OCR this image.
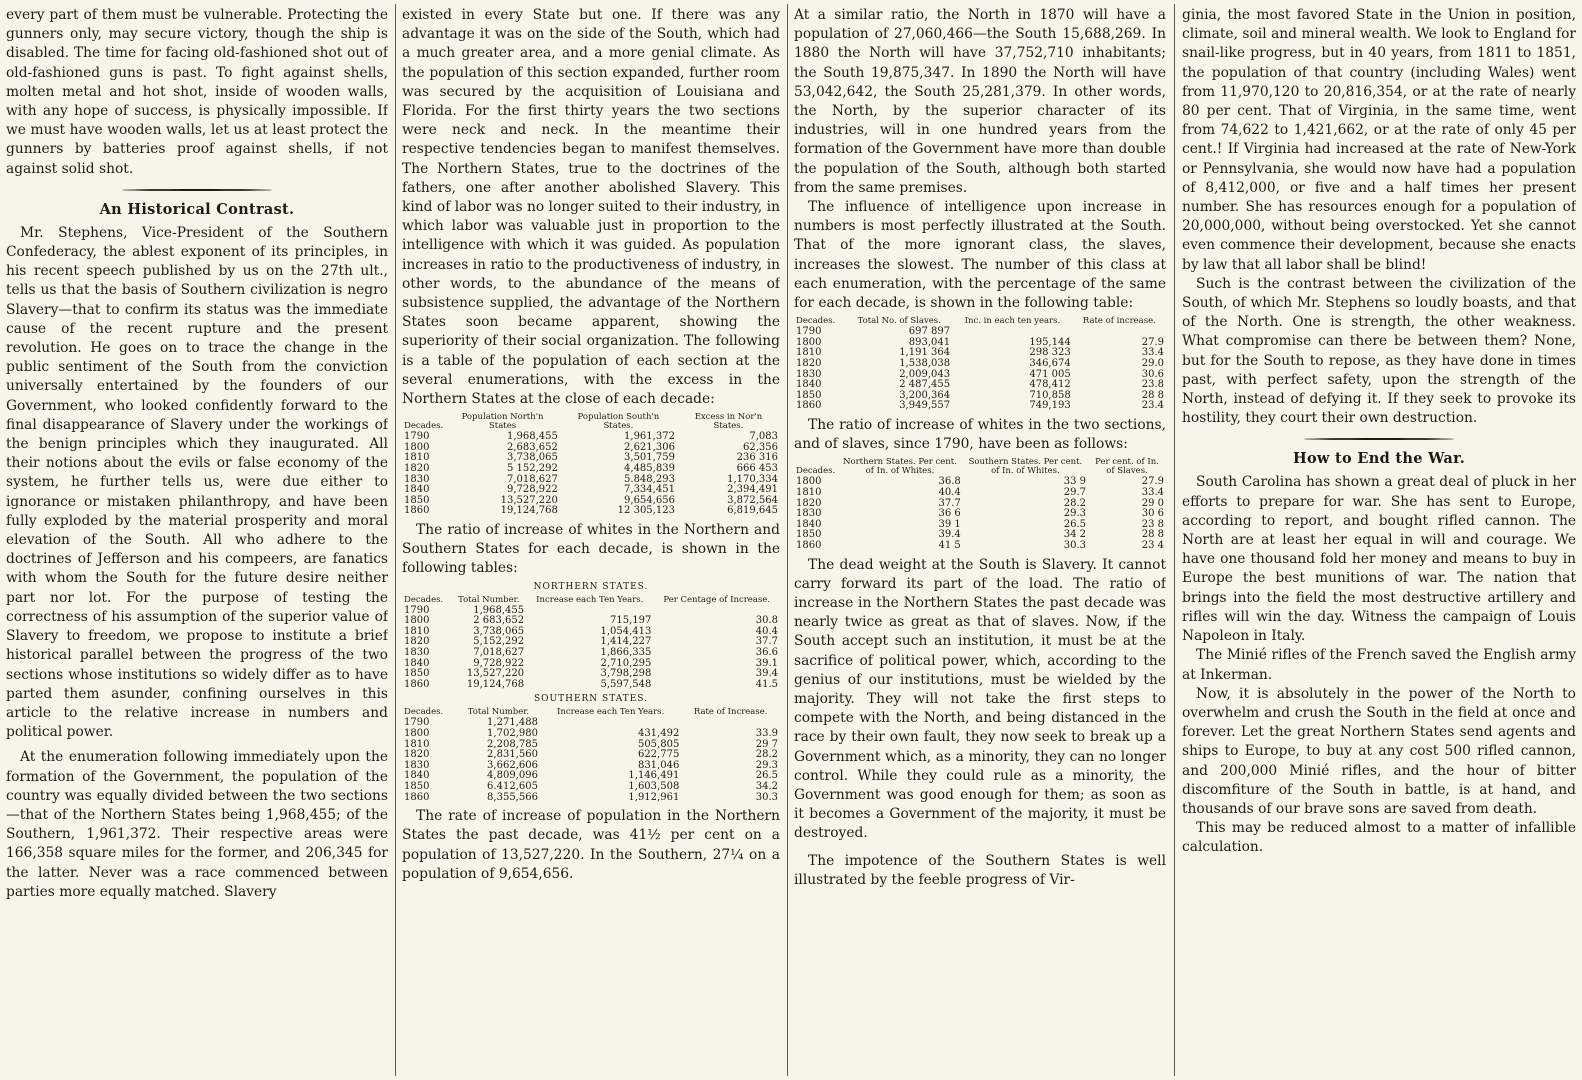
every part of them must be vulnerable. Protecting the gunners only, may secure victory, though the ship is disabled. The time for facing old-fashioned shot out of old-fashioned guns is past. To fight against shells, molten metal and hot shot, inside of wooden walls, with any hope of success, is physically impossible. If we must have wooden walls, let us at least protect the gunners by batteries proof against shells, if not against solid shot.

An Historical Contrast.

Mr. Stephens, Vice-President of the Southern Confederacy, the ablest exponent of its principles, in his recent speech published by us on the 27th ult., tells us that the basis of Southern civilization is negro Slavery—that to confirm its status was the immediate cause of the recent rupture and the present revolution. He goes on to trace the change in the public sentiment of the South from the conviction universally entertained by the founders of our Government, who looked confidently forward to the final disappearance of Slavery under the workings of the benign principles which they inaugurated. All their notions about the evils or false economy of the system, he further tells us, were due either to ignorance or mistaken philanthropy, and have been fully exploded by the material prosperity and moral elevation of the South. All who adhere to the doctrines of Jefferson and his compeers, are fanatics with whom the South for the future desire neither part nor lot. For the purpose of testing the correctness of his assumption of the superior value of Slavery to freedom, we propose to institute a brief historical parallel between the progress of the two sections whose institutions so widely differ as to have parted them asunder, confining ourselves in this article to the relative increase in numbers and political power.

At the enumeration following immediately upon the formation of the Government, the population of the country was equally divided between the two sections—that of the Northern States being 1,968,455; of the Southern, 1,961,372. Their respective areas were 166,358 square miles for the former, and 206,345 for the latter. Never was a race commenced between parties more equally matched. Slavery

existed in every State but one. If there was any advantage it was on the side of the South, which had a much greater area, and a more genial climate. As the population of this section expanded, further room was secured by the acquisition of Louisiana and Florida. For the first thirty years the two sections were neck and neck. In the meantime their respective tendencies began to manifest themselves. The Northern States, true to the doctrines of the fathers, one after another abolished Slavery. This kind of labor was no longer suited to their industry, in which labor was valuable just in proportion to the intelligence with which it was guided. As population increases in ratio to the productiveness of industry, in other words, to the abundance of the means of subsistence supplied, the advantage of the Northern States soon became apparent, showing the superiority of their social organization. The following is a table of the population of each section at the several enumerations, with the excess in the Northern States at the close of each decade:

Decades.	Population North'n States	Population South'n States.	Excess in Nor'n States.
1790	1,968,455	1,961,372	7,083
1800	2,683,652	2,621,306	62,356
1810	3,738,065	3,501,759	236 316
1820	5 152,292	4,485,839	666 453
1830	7,018,627	5.848,293	1,170,334
1840	9,728,922	7,334,451	2,394,491
1850	13,527,220	9,654,656	3,872,564
1860	19,124,768	12 305,123	6,819,645

The ratio of increase of whites in the Northern and Southern States for each decade, is shown in the following tables:

NORTHERN STATES.
Decades.	Total Number.	Increase each Ten Years.	Per Centage of Increase.
1790	1,968,455		
1800	2 683,652	715,197	30.8
1810	3,738,065	1,054,413	40.4
1820	5,152,292	1,414,227	37.7
1830	7,018,627	1,866,335	36.6
1840	9,728,922	2,710,295	39.1
1850	13,527,220	3,798,298	39.4
1860	19,124,768	5,597,548	41.5
SOUTHERN STATES.
Decades.	Total Number.	Increase each Ten Years.	Rate of Increase.
1790	1,271,488		
1800	1,702,980	431,492	33.9
1810	2,208,785	505,805	29 7
1820	2,831,560	622,775	28.2
1830	3,662,606	831,046	29.3
1840	4,809,096	1,146,491	26.5
1850	6.412,605	1,603,508	34.2
1860	8,355,566	1,912,961	30.3

The rate of increase of population in the Northern States the past decade, was 41½ per cent on a population of 13,527,220. In the Southern, 27¼ on a population of 9,654,656.

At a similar ratio, the North in 1870 will have a population of 27,060,466—the South 15,688,269. In 1880 the North will have 37,752,710 inhabitants; the South 19,875,347. In 1890 the North will have 53,042,642, the South 25,281,379. In other words, the North, by the superior character of its industries, will in one hundred years from the formation of the Government have more than double the population of the South, although both started from the same premises.

The influence of intelligence upon increase in numbers is most perfectly illustrated at the South. That of the more ignorant class, the slaves, increases the slowest. The number of this class at each enumeration, with the percentage of the same for each decade, is shown in the following table:

Decades.	Total No. of Slaves.	Inc. in each ten years.	Rate of increase.
1790	697 897		
1800	893,041	195,144	27.9
1810	1,191 364	298 323	33.4
1820	1,538,038	346,674	29.0
1830	2,009,043	471 005	30.6
1840	2 487,455	478,412	23.8
1850	3,200,364	710,858	28 8
1860	3,949,557	749,193	23.4

The ratio of increase of whites in the two sections, and of slaves, since 1790, have been as follows:

Decades.	Northern States. Per cent. of In. of Whites.	Southern States. Per cent. of In. of Whites.	Per cent. of In. of Slaves.
1800	36.8	33 9	27.9
1810	40.4	29.7	33.4
1820	37.7	28.2	29 0
1830	36 6	29.3	30 6
1840	39 1	26.5	23 8
1850	39.4	34 2	28 8
1860	41 5	30.3	23 4

The dead weight at the South is Slavery. It cannot carry forward its part of the load. The ratio of increase in the Northern States the past decade was nearly twice as great as that of slaves. Now, if the South accept such an institution, it must be at the sacrifice of political power, which, according to the genius of our institutions, must be wielded by the majority. They will not take the first steps to compete with the North, and being distanced in the race by their own fault, they now seek to break up a Government which, as a minority, they can no longer control. While they could rule as a minority, the Government was good enough for them; as soon as it becomes a Government of the majority, it must be destroyed.

The impotence of the Southern States is well illustrated by the feeble progress of Vir-

ginia, the most favored State in the Union in position, climate, soil and mineral wealth. We look to England for snail-like progress, but in 40 years, from 1811 to 1851, the population of that country (including Wales) went from 11,970,120 to 20,816,354, or at the rate of nearly 80 per cent. That of Virginia, in the same time, went from 74,622 to 1,421,662, or at the rate of only 45 per cent.! If Virginia had increased at the rate of New-York or Pennsylvania, she would now have had a population of 8,412,000, or five and a half times her present number. She has resources enough for a population of 20,000,000, without being overstocked. Yet she cannot even commence their development, because she enacts by law that all labor shall be blind!

Such is the contrast between the civilization of the South, of which Mr. Stephens so loudly boasts, and that of the North. One is strength, the other weakness. What compromise can there be between them? None, but for the South to repose, as they have done in times past, with perfect safety, upon the strength of the North, instead of defying it. If they seek to provoke its hostility, they court their own destruction.

How to End the War.

South Carolina has shown a great deal of pluck in her efforts to prepare for war. She has sent to Europe, according to report, and bought rifled cannon. The North are at least her equal in will and courage. We have one thousand fold her money and means to buy in Europe the best munitions of war. The nation that brings into the field the most destructive artillery and rifles will win the day. Witness the campaign of Louis Napoleon in Italy.

The Minié rifles of the French saved the English army at Inkerman.

Now, it is absolutely in the power of the North to overwhelm and crush the South in the field at once and forever. Let the great Northern States send agents and ships to Europe, to buy at any cost 500 rifled cannon, and 200,000 Minié rifles, and the hour of bitter discomfiture of the South in battle, is at hand, and thousands of our brave sons are saved from death.

This may be reduced almost to a matter of infallible calculation.
